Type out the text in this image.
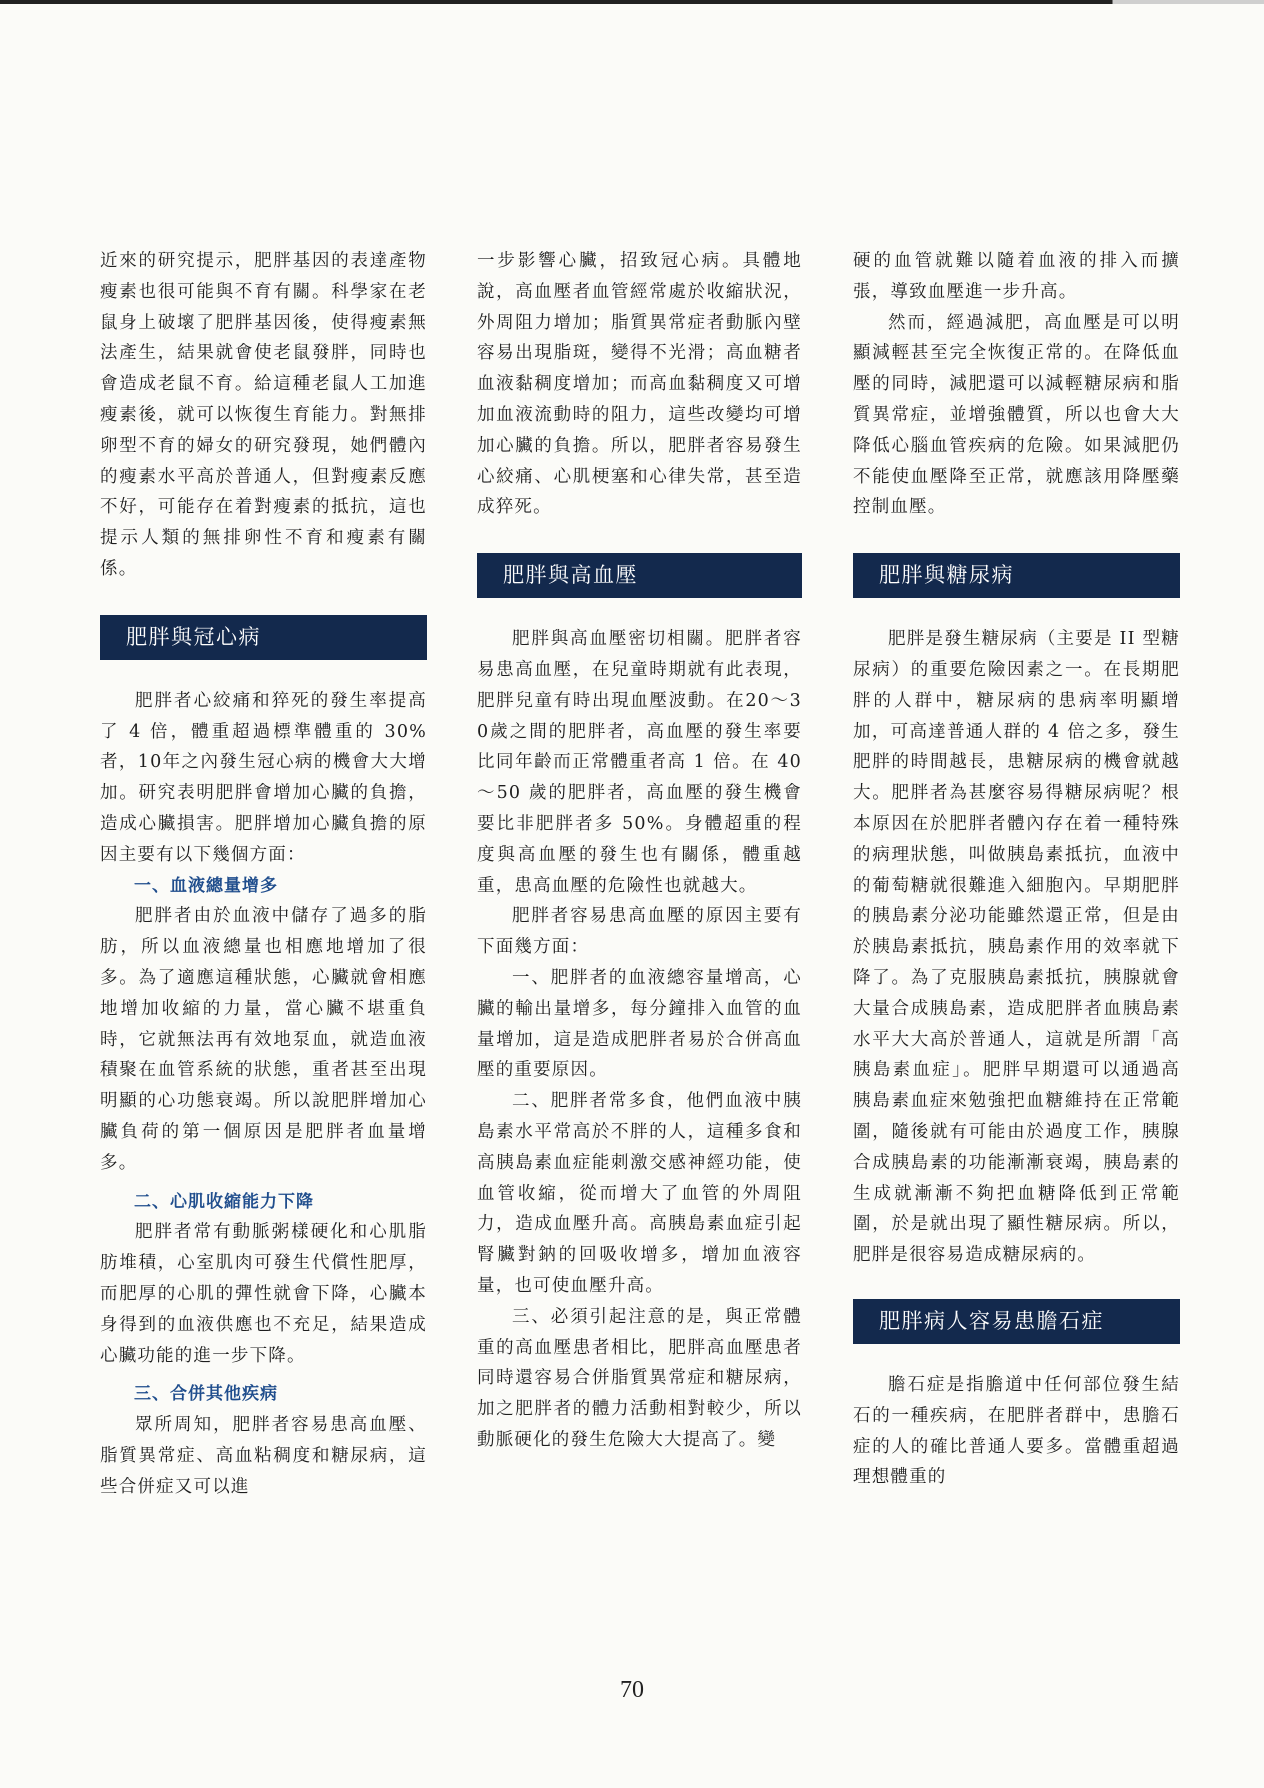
近來的研究提示，肥胖基因的表達產物瘦素也很可能與不育有關。科學家在老鼠身上破壞了肥胖基因後，使得瘦素無法產生，結果就會使老鼠發胖，同時也會造成老鼠不育。給這種老鼠人工加進瘦素後，就可以恢復生育能力。對無排卵型不育的婦女的研究發現，她們體內的瘦素水平高於普通人，但對瘦素反應不好，可能存在着對瘦素的抵抗，這也提示人類的無排卵性不育和瘦素有關係。

肥胖與冠心病

肥胖者心絞痛和猝死的發生率提高了 4 倍，體重超過標準體重的 30%者，10年之內發生冠心病的機會大大增加。研究表明肥胖會增加心臟的負擔，造成心臟損害。肥胖增加心臟負擔的原因主要有以下幾個方面：

一、血液總量增多

肥胖者由於血液中儲存了過多的脂肪，所以血液總量也相應地增加了很多。為了適應這種狀態，心臟就會相應地增加收縮的力量，當心臟不堪重負時，它就無法再有效地泵血，就造血液積聚在血管系統的狀態，重者甚至出現明顯的心功態衰竭。所以說肥胖增加心臟負荷的第一個原因是肥胖者血量增多。

二、心肌收縮能力下降

肥胖者常有動脈粥樣硬化和心肌脂肪堆積，心室肌肉可發生代償性肥厚，而肥厚的心肌的彈性就會下降，心臟本身得到的血液供應也不充足，結果造成心臟功能的進一步下降。

三、合併其他疾病

眾所周知，肥胖者容易患高血壓、脂質異常症、高血粘稠度和糖尿病，這些合併症又可以進

一步影響心臟，招致冠心病。具體地說，高血壓者血管經常處於收縮狀況，外周阻力增加；脂質異常症者動脈內壁容易出現脂斑，變得不光滑；高血糖者血液黏稠度增加；而高血黏稠度又可增加血液流動時的阻力，這些改變均可增加心臟的負擔。所以，肥胖者容易發生心絞痛、心肌梗塞和心律失常，甚至造成猝死。

肥胖與高血壓

肥胖與高血壓密切相關。肥胖者容易患高血壓，在兒童時期就有此表現，肥胖兒童有時出現血壓波動。在20～30歲之間的肥胖者，高血壓的發生率要比同年齡而正常體重者高 1 倍。在 40～50 歲的肥胖者，高血壓的發生機會要比非肥胖者多 50%。身體超重的程度與高血壓的發生也有關係，體重越重，患高血壓的危險性也就越大。

肥胖者容易患高血壓的原因主要有下面幾方面：

一、肥胖者的血液總容量增高，心臟的輸出量增多，每分鐘排入血管的血量增加，這是造成肥胖者易於合併高血壓的重要原因。

二、肥胖者常多食，他們血液中胰島素水平常高於不胖的人，這種多食和高胰島素血症能刺激交感神經功能，使血管收縮，從而增大了血管的外周阻力，造成血壓升高。高胰島素血症引起腎臟對鈉的回吸收增多，增加血液容量，也可使血壓升高。

三、必須引起注意的是，與正常體重的高血壓患者相比，肥胖高血壓患者同時還容易合併脂質異常症和糖尿病，加之肥胖者的體力活動相對較少，所以動脈硬化的發生危險大大提高了。變

硬的血管就難以隨着血液的排入而擴張，導致血壓進一步升高。

然而，經過減肥，高血壓是可以明顯減輕甚至完全恢復正常的。在降低血壓的同時，減肥還可以減輕糖尿病和脂質異常症，並增強體質，所以也會大大降低心腦血管疾病的危險。如果減肥仍不能使血壓降至正常，就應該用降壓藥控制血壓。

肥胖與糖尿病

肥胖是發生糖尿病（主要是 II 型糖尿病）的重要危險因素之一。在長期肥胖的人群中，糖尿病的患病率明顯增加，可高達普通人群的 4 倍之多，發生肥胖的時間越長，患糖尿病的機會就越大。肥胖者為甚麼容易得糖尿病呢？根本原因在於肥胖者體內存在着一種特殊的病理狀態，叫做胰島素抵抗，血液中的葡萄糖就很難進入細胞內。早期肥胖的胰島素分泌功能雖然還正常，但是由於胰島素抵抗，胰島素作用的效率就下降了。為了克服胰島素抵抗，胰腺就會大量合成胰島素，造成肥胖者血胰島素水平大大高於普通人，這就是所謂「高胰島素血症」。肥胖早期還可以通過高胰島素血症來勉強把血糖維持在正常範圍，隨後就有可能由於過度工作，胰腺合成胰島素的功能漸漸衰竭，胰島素的生成就漸漸不夠把血糖降低到正常範圍，於是就出現了顯性糖尿病。所以，肥胖是很容易造成糖尿病的。

肥胖病人容易患膽石症

膽石症是指膽道中任何部位發生結石的一種疾病，在肥胖者群中，患膽石症的人的確比普通人要多。當體重超過理想體重的

70
